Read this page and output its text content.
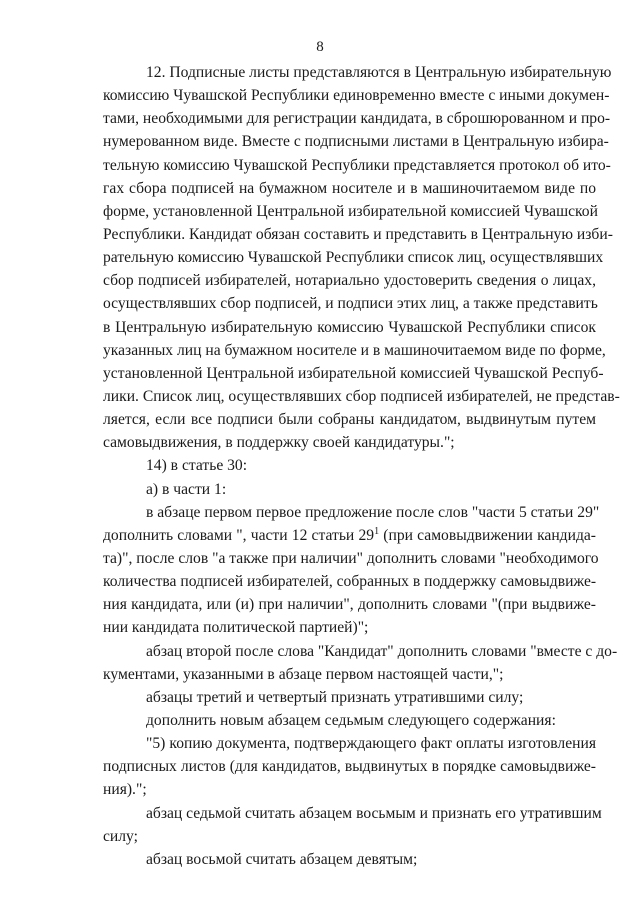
8
12. Подписные листы представляются в Центральную избирательную
комиссию Чувашской Республики единовременно вместе с иными докумен-
тами, необходимыми для регистрации кандидата, в сброшюрованном и про-
нумерованном виде. Вместе с подписными листами в Центральную избира-
тельную комиссию Чувашской Республики представляется протокол об ито-
гах сбора подписей на бумажном носителе и в машиночитаемом виде по
форме, установленной Центральной избирательной комиссией Чувашской
Республики. Кандидат обязан составить и представить в Центральную изби-
рательную комиссию Чувашской Республики список лиц, осуществлявших
сбор подписей избирателей, нотариально удостоверить сведения о лицах,
осуществлявших сбор подписей, и подписи этих лиц, а также представить
в Центральную избирательную комиссию Чувашской Республики список
указанных лиц на бумажном носителе и в машиночитаемом виде по форме,
установленной Центральной избирательной комиссией Чувашской Респуб-
лики. Список лиц, осуществлявших сбор подписей избирателей, не представ-
ляется, если все подписи были собраны кандидатом, выдвинутым путем
самовыдвижения, в поддержку своей кандидатуры.";
14) в статье 30:
а) в части 1:
в абзаце первом первое предложение после слов "части 5 статьи 29"
дополнить словами ", части 12 статьи $29^1$ (при самовыдвижении кандида-
та)", после слов "а также при наличии" дополнить словами "необходимого
количества подписей избирателей, собранных в поддержку самовыдвиже-
ния кандидата, или (и) при наличии", дополнить словами "(при выдвиже-
нии кандидата политической партией)";
абзац второй после слова "Кандидат" дополнить словами "вместе с до-
кументами, указанными в абзаце первом настоящей части,";
абзацы третий и четвертый признать утратившими силу;
дополнить новым абзацем седьмым следующего содержания:
"5) копию документа, подтверждающего факт оплаты изготовления
подписных листов (для кандидатов, выдвинутых в порядке самовыдвиже-
ния).";
абзац седьмой считать абзацем восьмым и признать его утратившим
силу;
абзац восьмой считать абзацем девятым;
